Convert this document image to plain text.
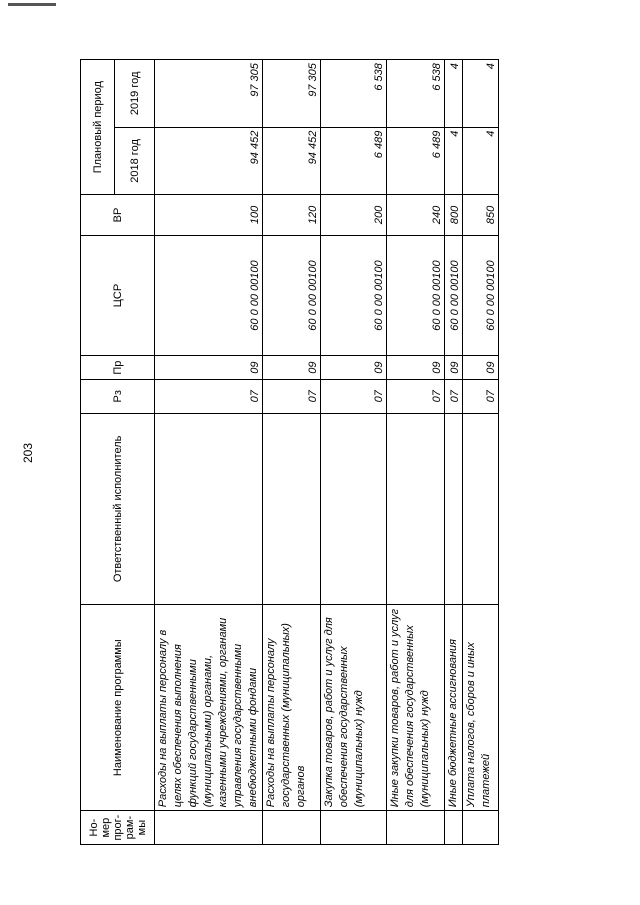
203
Но-мер прог-рам-мы	Наименование программы	Ответственный исполнитель	Рз	Пр	ЦСР	ВР	Плановый период	
							2018 год	2019 год
	Расходы на выплаты персоналу в целях обеспечения выполнения функций государственными (муниципальными) органами, казенными учреждениями, органами управления государственными внебюджетными фондами		07	09	60 0 00 00100	100	94 452	97 305
	Расходы на выплаты персоналу государственных (муниципальных) органов		07	09	60 0 00 00100	120	94 452	97 305
	Закупка товаров, работ и услуг для обеспечения государственных (муниципальных) нужд		07	09	60 0 00 00100	200	6 489	6 538
	Иные закупки товаров, работ и услуг для обеспечения государственных (муниципальных) нужд		07	09	60 0 00 00100	240	6 489	6 538
	Иные бюджетные ассигнования		07	09	60 0 00 00100	800	4	4
	Уплата налогов, сборов и иных платежей		07	09	60 0 00 00100	850	4	4
